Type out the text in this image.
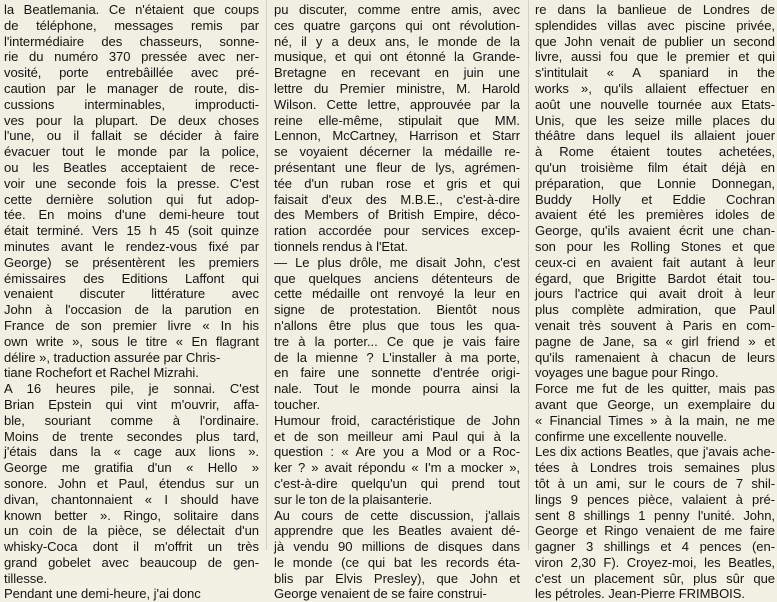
la Beatlemania. Ce n'étaient que coups
de téléphone, messages remis par
l'intermédiaire des chasseurs, sonne-
rie du numéro 370 pressée avec ner-
vosité, porte entrebâillée avec pré-
caution par le manager de route, dis-
cussions interminables, improducti-
ves pour la plupart. De deux choses
l'une, ou il fallait se décider à faire
évacuer tout le monde par la police,
ou les Beatles acceptaient de rece-
voir une seconde fois la presse. C'est
cette dernière solution qui fut adop-
tée. En moins d'une demi-heure tout
était terminé. Vers 15 h 45 (soit quinze
minutes avant le rendez-vous fixé par
George) se présentèrent les premiers
émissaires des Editions Laffont qui
venaient discuter littérature avec
John à l'occasion de la parution en
France de son premier livre « In his
own write », sous le titre « En flagrant
délire », traduction assurée par Chris-
tiane Rochefort et Rachel Mizrahi.
A 16 heures pile, je sonnai. C'est
Brian Epstein qui vint m'ouvrir, affa-
ble, souriant comme à l'ordinaire.
Moins de trente secondes plus tard,
j'étais dans la « cage aux lions ».
George me gratifia d'un « Hello »
sonore. John et Paul, étendus sur un
divan, chantonnaient « I should have
known better ». Ringo, solitaire dans
un coin de la pièce, se délectait d'un
whisky-Coca dont il m'offrit un très
grand gobelet avec beaucoup de gen-
tillesse.
Pendant une demi-heure, j'ai donc
pu discuter, comme entre amis, avec
ces quatre garçons qui ont révolution-
né, il y a deux ans, le monde de la
musique, et qui ont étonné la Grande-
Bretagne en recevant en juin une
lettre du Premier ministre, M. Harold
Wilson. Cette lettre, approuvée par la
reine elle-même, stipulait que MM.
Lennon, McCartney, Harrison et Starr
se voyaient décerner la médaille re-
présentant une fleur de lys, agrémen-
tée d'un ruban rose et gris et qui
faisait d'eux des M.B.E., c'est-à-dire
des Members of British Empire, déco-
ration accordée pour services excep-
tionnels rendus à l'Etat.
— Le plus drôle, me disait John, c'est
que quelques anciens détenteurs de
cette médaille ont renvoyé la leur en
signe de protestation. Bientôt nous
n'allons être plus que tous les qua-
tre à la porter... Ce que je vais faire
de la mienne ? L'installer à ma porte,
en faire une sonnette d'entrée origi-
nale. Tout le monde pourra ainsi la
toucher.
Humour froid, caractéristique de John
et de son meilleur ami Paul qui à la
question : « Are you a Mod or a Roc-
ker ? » avait répondu « I'm a mocker »,
c'est-à-dire quelqu'un qui prend tout
sur le ton de la plaisanterie.
Au cours de cette discussion, j'allais
apprendre que les Beatles avaient dé-
jà vendu 90 millions de disques dans
le monde (ce qui bat les records éta-
blis par Elvis Presley), que John et
George venaient de se faire construi-
re dans la banlieue de Londres de
splendides villas avec piscine privée,
que John venait de publier un second
livre, aussi fou que le premier et qui
s'intitulait « A spaniard in the
works », qu'ils allaient effectuer en
août une nouvelle tournée aux Etats-
Unis, que les seize mille places du
théâtre dans lequel ils allaient jouer
à Rome étaient toutes achetées,
qu'un troisième film était déjà en
préparation, que Lonnie Donnegan,
Buddy Holly et Eddie Cochran
avaient été les premières idoles de
George, qu'ils avaient écrit une chan-
son pour les Rolling Stones et que
ceux-ci en avaient fait autant à leur
égard, que Brigitte Bardot était tou-
jours l'actrice qui avait droit à leur
plus complète admiration, que Paul
venait très souvent à Paris en com-
pagne de Jane, sa « girl friend » et
qu'ils ramenaient à chacun de leurs
voyages une bague pour Ringo.
Force me fut de les quitter, mais pas
avant que George, un exemplaire du
« Financial Times » à la main, ne me
confirme une excellente nouvelle.
Les dix actions Beatles, que j'avais ache-
tées à Londres trois semaines plus
tôt à un ami, sur le cours de 7 shil-
lings 9 pences pièce, valaient à pré-
sent 8 shillings 1 penny l'unité. John,
George et Ringo venaient de me faire
gagner 3 shillings et 4 pences (en-
viron 2,30 F). Croyez-moi, les Beatles,
c'est un placement sûr, plus sûr que
les pétroles. Jean-Pierre FRIMBOIS.
